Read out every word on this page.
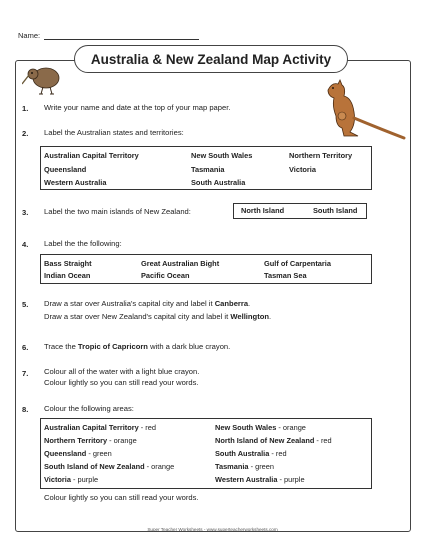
Name:
Australia & New Zealand Map Activity
1. Write your name and date at the top of your map paper.
2. Label the Australian states and territories:
Australian Capital Territory	New South Wales	Northern Territory
Queensland	Tasmania	Victoria
Western Australia	South Australia
3. Label the two main islands of New Zealand:	North Island	South Island
4. Label the the following:
Bass Straight	Great Australian Bight	Gulf of Carpentaria
Indian Ocean	Pacific Ocean	Tasman Sea
5. Draw a star over Australia's capital city and label it Canberra.
Draw a star over New Zealand's capital city and label it Wellington.
6. Trace the Tropic of Capricorn with a dark blue crayon.
7. Colour all of the water with a light blue crayon.
Colour lightly so you can still read your words.
8. Colour the following areas:
Australian Capital Territory - red	New South Wales - orange
Northern Territory - orange	North Island of New Zealand - red
Queensland - green	South Australia - red
South Island of New Zealand - orange	Tasmania - green
Victoria - purple	Western Australia - purple
Colour lightly so you can still read your words.
Super Teacher Worksheets - www.superteacherworksheets.com
